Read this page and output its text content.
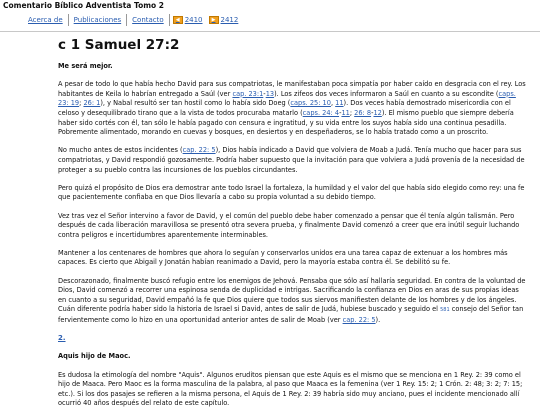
Comentario Bíblico Adventista Tomo 2
Acerca de	Publicaciones	Contacto	◀ 2410	▶ 2412
c 1 Samuel 27:2

Me será mejor.

A pesar de todo lo que había hecho David para sus compatriotas, le manifestaban poca simpatía por haber caído en desgracia con el rey. Los habitantes de Keila lo habrían entregado a Saúl (ver cap. 23:1-13). Los zifeos dos veces informaron a Saúl en cuanto a su escondite (caps. 23: 19; 26: 1), y Nabal resultó ser tan hostil como lo había sido Doeg (caps. 25: 10, 11). Dos veces había demostrado misericordia con el celoso y desequilibrado tirano que a la vista de todos procuraba matarlo (caps. 24: 4-11; 26: 8-12). El mismo pueblo que siempre debería haber sido cortés con él, tan sólo le había pagado con censura e ingratitud, y su vida entre los suyos había sido una continua pesadilla. Pobremente alimentado, morando en cuevas y bosques, en desiertos y en despeñaderos, se lo había tratado como a un proscrito.

No mucho antes de estos incidentes (cap. 22: 5), Dios había indicado a David que volviera de Moab a Judá. Tenía mucho que hacer para sus compatriotas, y David respondió gozosamente. Podría haber supuesto que la invitación para que volviera a Judá provenía de la necesidad de proteger a su pueblo contra las incursiones de los pueblos circundantes.

Pero quizá el propósito de Dios era demostrar ante todo Israel la fortaleza, la humildad y el valor del que había sido elegido como rey: una fe que pacientemente confiaba en que Dios llevaría a cabo su propia voluntad a su debido tiempo.

Vez tras vez el Señor intervino a favor de David, y el común del pueblo debe haber comenzado a pensar que él tenía algún talismán. Pero después de cada liberación maravillosa se presentó otra severa prueba, y finalmente David comenzó a creer que era inútil seguir luchando contra peligros e incertidumbres aparentemente interminables.

Mantener a los centenares de hombres que ahora lo seguían y conservarlos unidos era una tarea capaz de extenuar a los hombres más capaces. Es cierto que Abigail y Jonatán habían reanimado a David, pero la mayoría estaba contra él. Se debilitó su fe.

Descorazonado, finalmente buscó refugio entre los enemigos de Jehová. Pensaba que sólo así hallaría seguridad. En contra de la voluntad de Dios, David comenzó a recorrer una espinosa senda de duplicidad e intrigas. Sacrificando la confianza en Dios en aras de sus propias ideas en cuanto a su seguridad, David empañó la fe que Dios quiere que todos sus siervos manifiesten delante de los hombres y de los ángeles. Cuán diferente podría haber sido la historia de Israel si David, antes de salir de Judá, hubiese buscado y seguido el 581 consejo del Señor tan fervientemente como lo hizo en una oportunidad anterior antes de salir de Moab (ver cap. 22: 5).

2.

Aquis hijo de Maoc.

Es dudosa la etimología del nombre "Aquis". Algunos eruditos piensan que este Aquis es el mismo que se menciona en 1 Rey. 2: 39 como el hijo de Maaca. Pero Maoc es la forma masculina de la palabra, al paso que Maaca es la femenina (ver 1 Rey. 15: 2; 1 Crón. 2: 48; 3: 2; 7: 15; etc.). Si los dos pasajes se refieren a la misma persona, el Aquis de 1 Rey. 2: 39 habría sido muy anciano, pues el incidente mencionado allí ocurrió 40 años después del relato de este capítulo.
